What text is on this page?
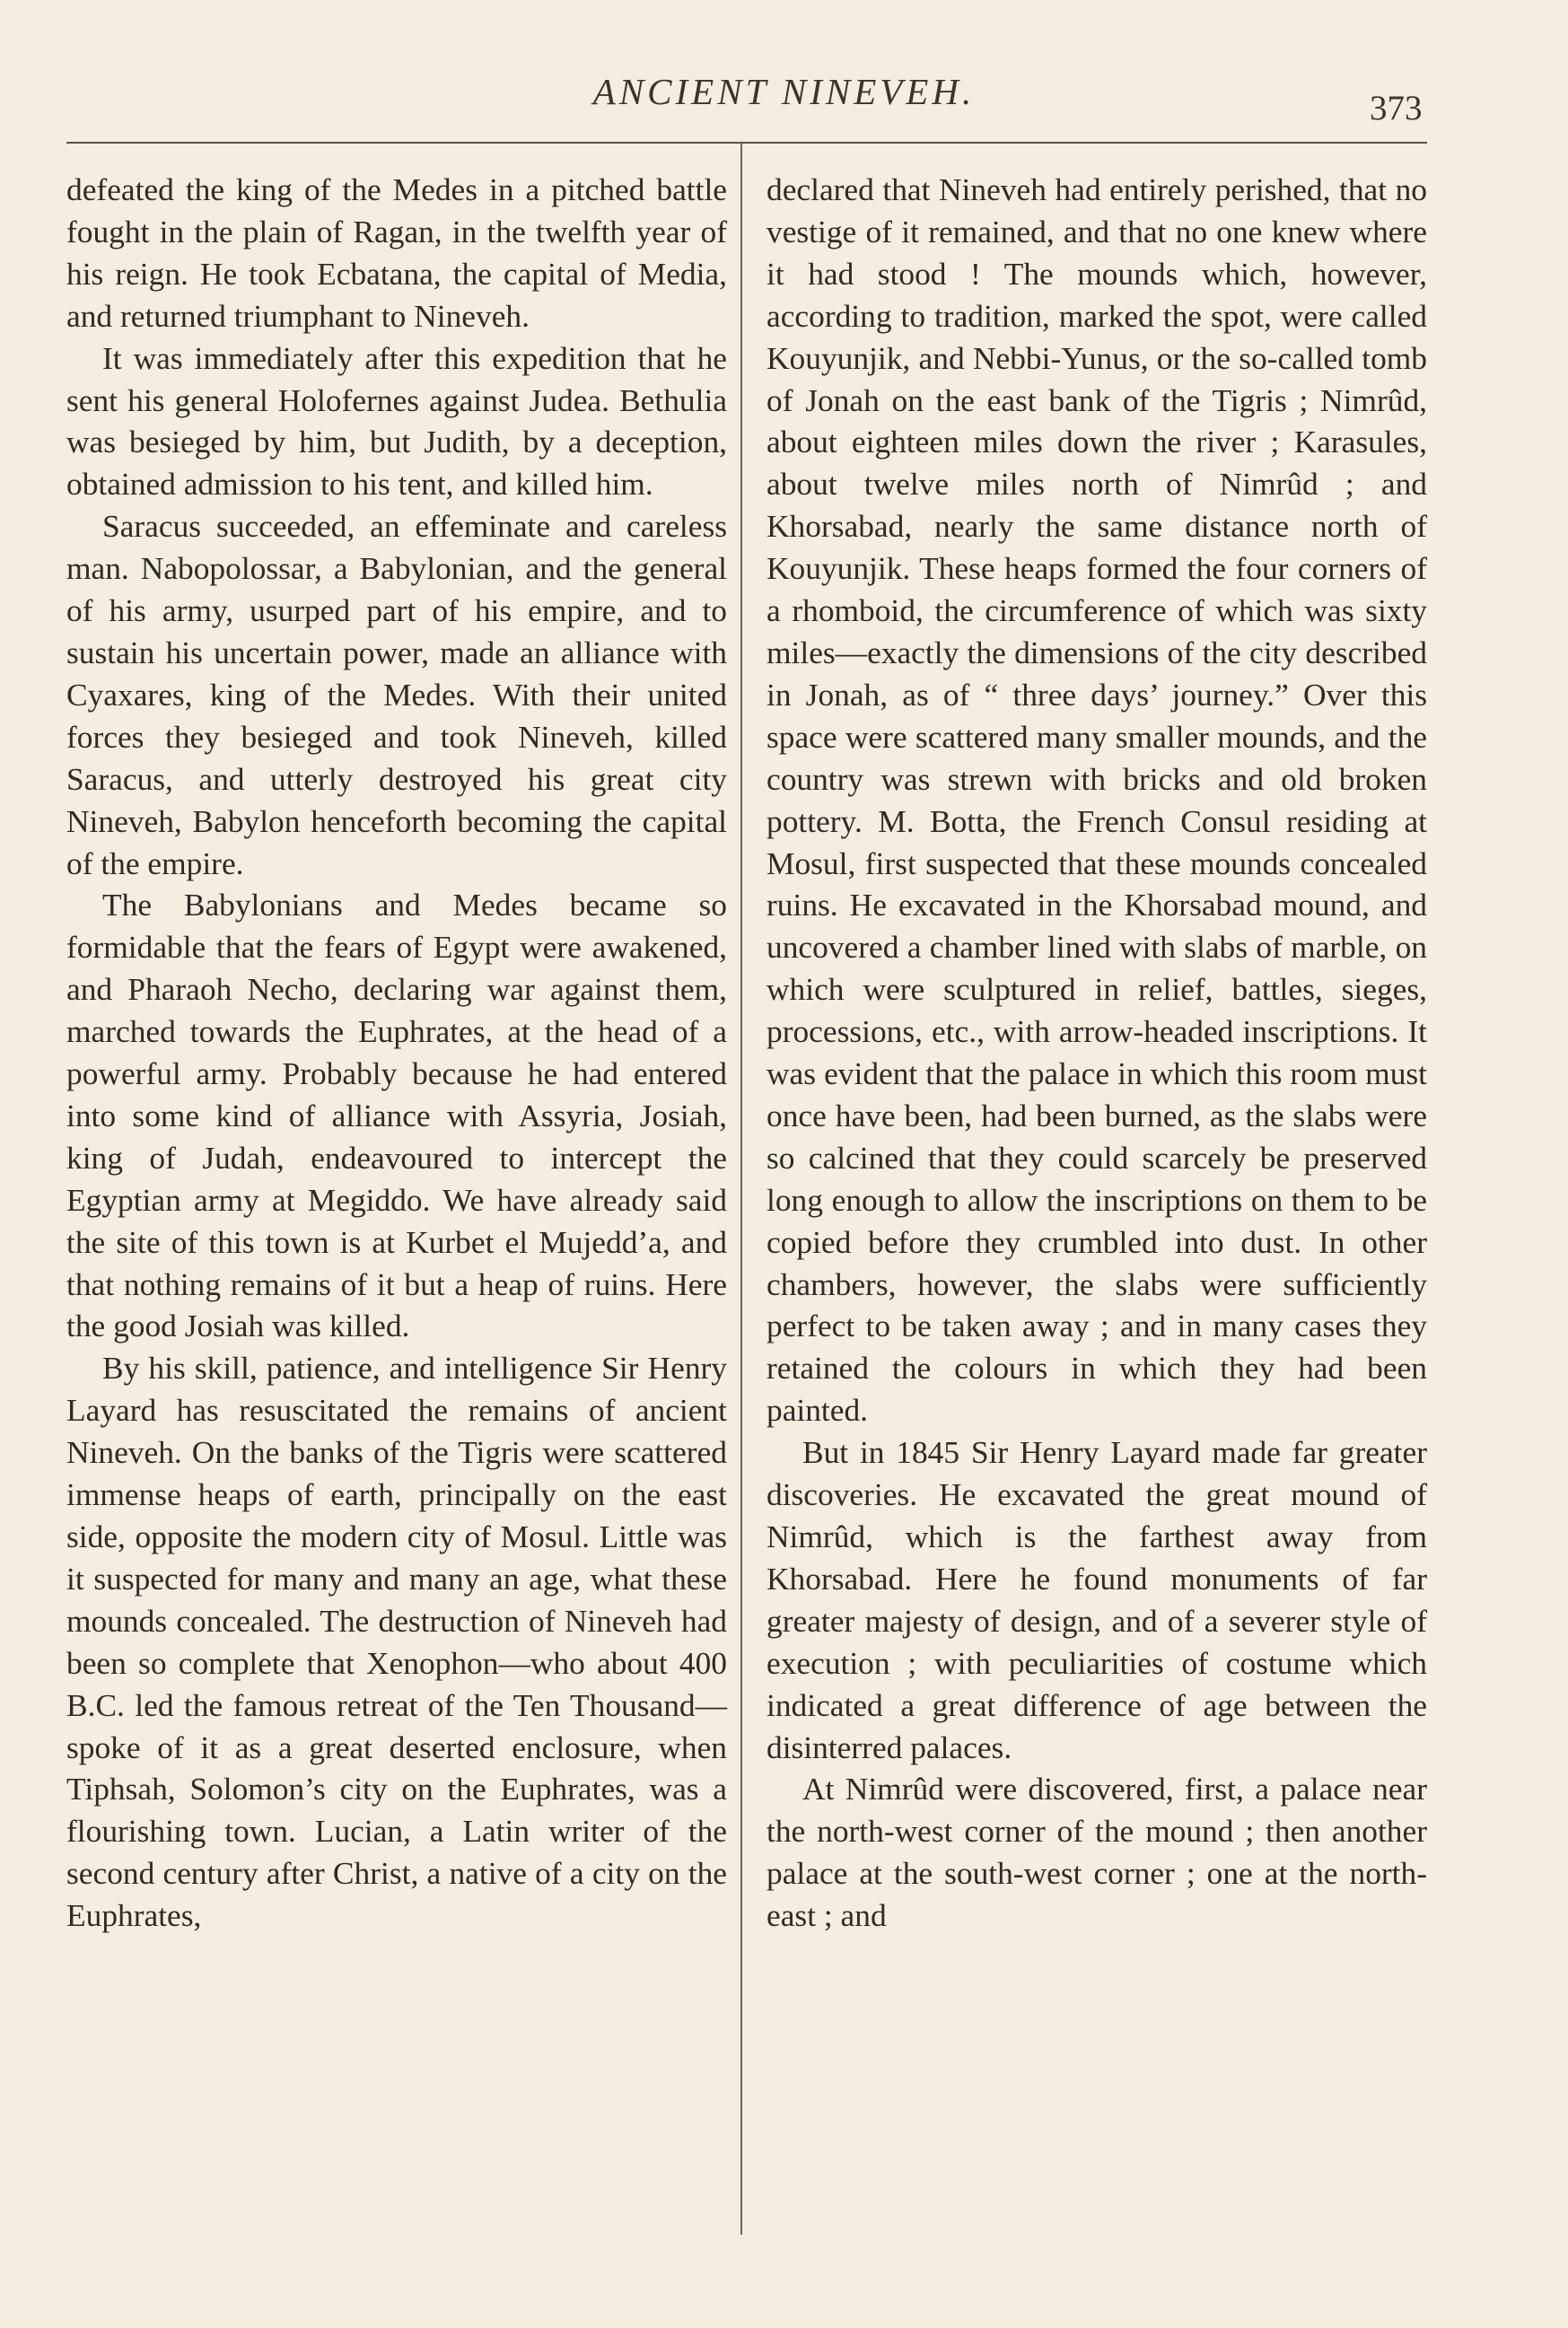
ANCIENT NINEVEH.	373

defeated the king of the Medes in a pitched battle fought in the plain of Ragan, in the twelfth year of his reign. He took Ecbatana, the capital of Media, and returned triumphant to Nineveh.

It was immediately after this expedition that he sent his general Holofernes against Judea. Bethulia was besieged by him, but Judith, by a deception, obtained admission to his tent, and killed him.

Saracus succeeded, an effeminate and careless man. Nabopolossar, a Babylonian, and the general of his army, usurped part of his empire, and to sustain his uncertain power, made an alliance with Cyaxares, king of the Medes. With their united forces they besieged and took Nineveh, killed Saracus, and utterly destroyed his great city Nineveh, Babylon henceforth becoming the capital of the empire.

The Babylonians and Medes became so formidable that the fears of Egypt were awakened, and Pharaoh Necho, declaring war against them, marched towards the Euphrates, at the head of a powerful army. Probably because he had entered into some kind of alliance with Assyria, Josiah, king of Judah, endeavoured to intercept the Egyptian army at Megiddo. We have already said the site of this town is at Kurbet el Mujedd’a, and that nothing remains of it but a heap of ruins. Here the good Josiah was killed.

By his skill, patience, and intelligence Sir Henry Layard has resuscitated the remains of ancient Nineveh. On the banks of the Tigris were scattered immense heaps of earth, principally on the east side, opposite the modern city of Mosul. Little was it suspected for many and many an age, what these mounds concealed. The destruction of Nineveh had been so complete that Xenophon—who about 400 B.C. led the famous retreat of the Ten Thousand—spoke of it as a great deserted enclosure, when Tiphsah, Solomon’s city on the Euphrates, was a flourishing town. Lucian, a Latin writer of the second century after Christ, a native of a city on the Euphrates,

declared that Nineveh had entirely perished, that no vestige of it remained, and that no one knew where it had stood ! The mounds which, however, according to tradition, marked the spot, were called Kouyunjik, and Nebbi-Yunus, or the so-called tomb of Jonah on the east bank of the Tigris ; Nimrûd, about eighteen miles down the river ; Karasules, about twelve miles north of Nimrûd ; and Khorsabad, nearly the same distance north of Kouyunjik. These heaps formed the four corners of a rhomboid, the circumference of which was sixty miles—exactly the dimensions of the city described in Jonah, as of “ three days’ journey.” Over this space were scattered many smaller mounds, and the country was strewn with bricks and old broken pottery. M. Botta, the French Consul residing at Mosul, first suspected that these mounds concealed ruins. He excavated in the Khorsabad mound, and uncovered a chamber lined with slabs of marble, on which were sculptured in relief, battles, sieges, processions, etc., with arrow-headed inscriptions. It was evident that the palace in which this room must once have been, had been burned, as the slabs were so calcined that they could scarcely be preserved long enough to allow the inscriptions on them to be copied before they crumbled into dust. In other chambers, however, the slabs were sufficiently perfect to be taken away ; and in many cases they retained the colours in which they had been painted.

But in 1845 Sir Henry Layard made far greater discoveries. He excavated the great mound of Nimrûd, which is the farthest away from Khorsabad. Here he found monuments of far greater majesty of design, and of a severer style of execution ; with peculiarities of costume which indicated a great difference of age between the disinterred palaces.

At Nimrûd were discovered, first, a palace near the north-west corner of the mound ; then another palace at the south-west corner ; one at the north-east ; and
